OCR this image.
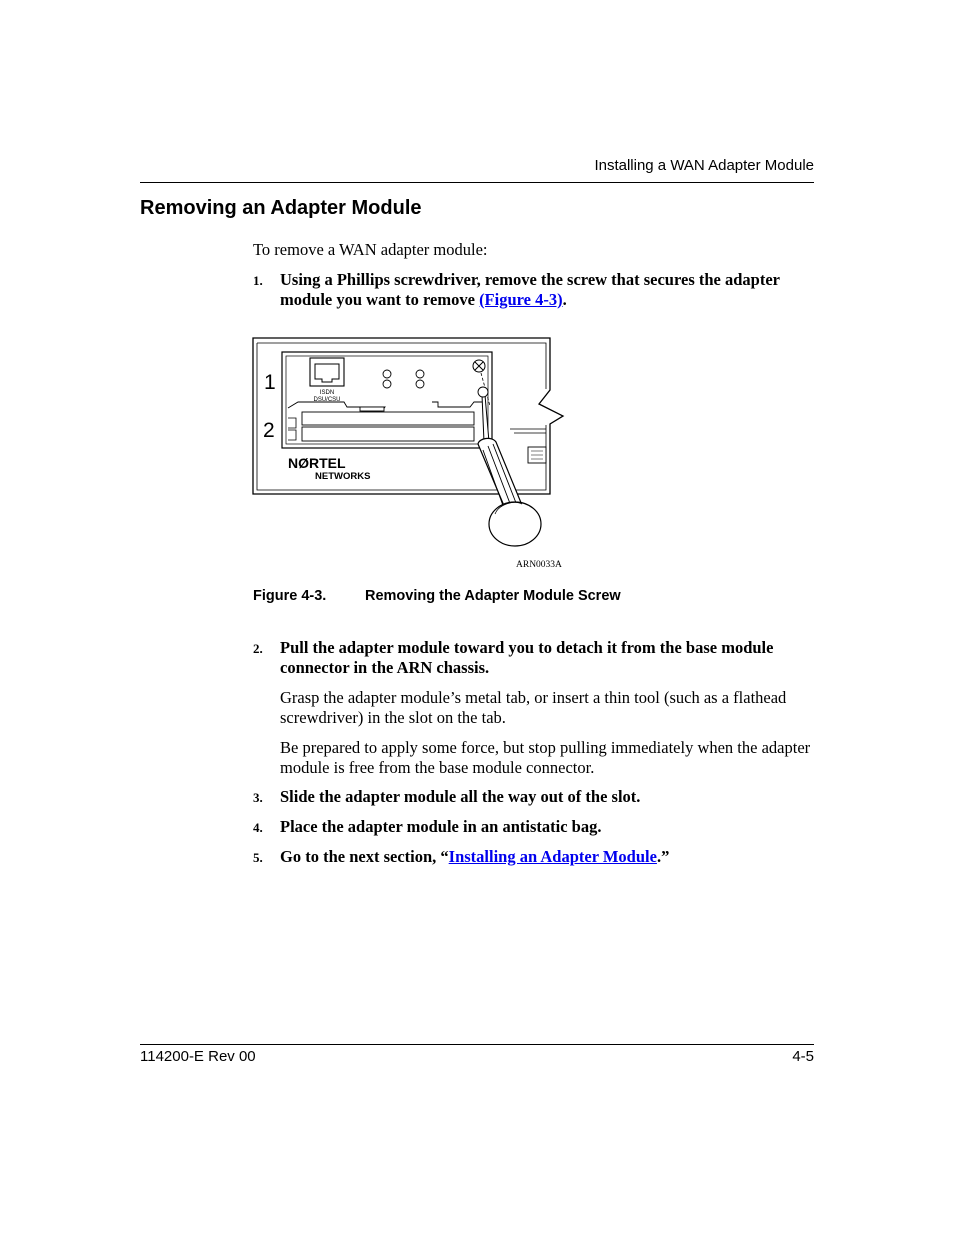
Installing a WAN Adapter Module
Removing an Adapter Module
To remove a WAN adapter module:
1. Using a Phillips screwdriver, remove the screw that secures the adapter module you want to remove (Figure 4-3).
1
2
ISDN
DSU/CSU
NØRTEL
NETWORKS
ARN0033A
Figure 4-3.	Removing the Adapter Module Screw
2. Pull the adapter module toward you to detach it from the base module connector in the ARN chassis.
Grasp the adapter module’s metal tab, or insert a thin tool (such as a flathead screwdriver) in the slot on the tab.
Be prepared to apply some force, but stop pulling immediately when the adapter module is free from the base module connector.
3. Slide the adapter module all the way out of the slot.
4. Place the adapter module in an antistatic bag.
5. Go to the next section, “Installing an Adapter Module.”
114200-E Rev 00	4-5
